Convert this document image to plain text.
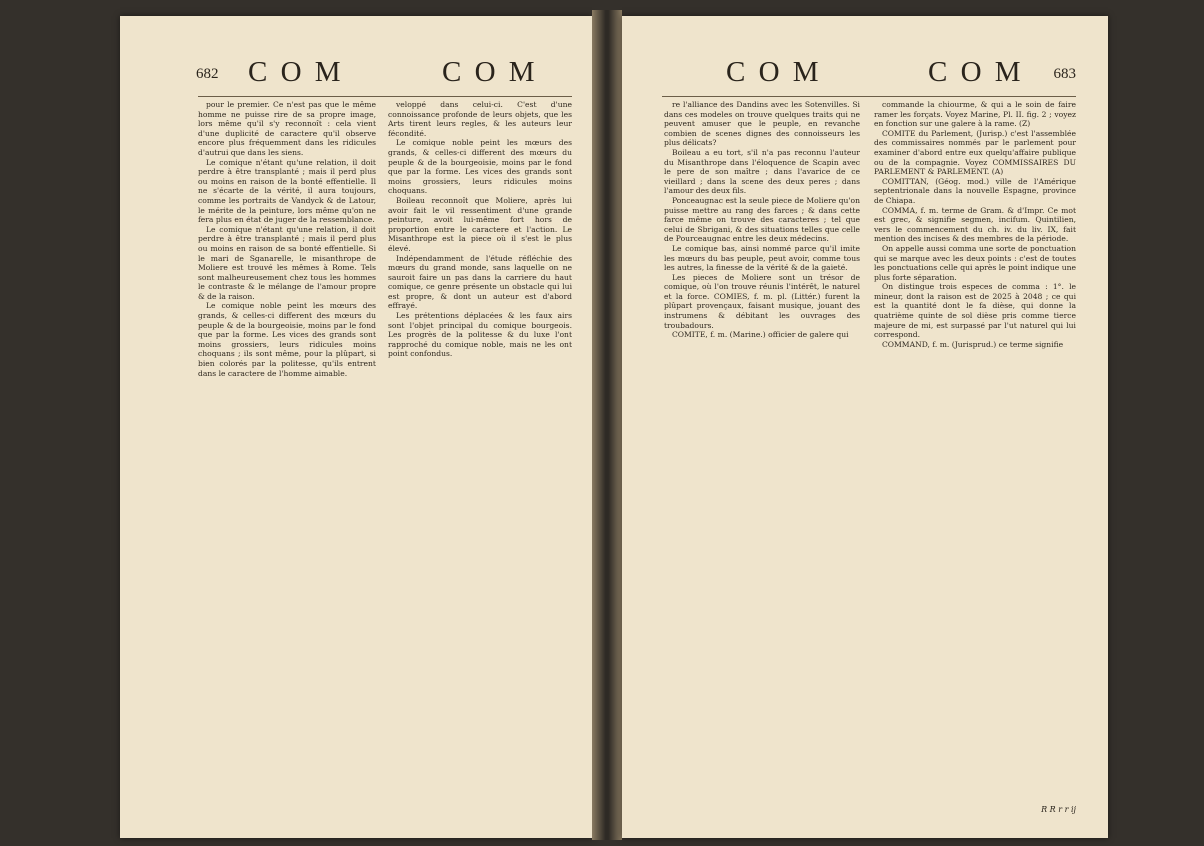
682 C O M	C O M

pour le premier. Ce n'est pas que le même homme ne puisse rire de sa propre image, lors même qu'il s'y reconnoît : cela vient d'une duplicité de caractere qu'il observe encore plus fréquemment dans les ridicules d'autrui que dans les siens.

Le comique n'étant qu'une relation, il doit perdre à être transplanté ; mais il perd plus ou moins en raison de la bonté effentielle. Il ne s'écarte de la vérité, il aura toujours, comme les portraits de Vandyck & de Latour, le mérite de la peinture, lors même qu'on ne fera plus en état de juger de la ressemblance.

Le comique n'étant qu'une relation, il doit perdre à être transplanté ; mais il perd plus ou moins en raison de sa bonté effentielle. Si le mari de Sganarelle, le misanthrope de Moliere est trouvé les mêmes à Rome. Tels sont malheureusement chez tous les hommes le contraste & le mélange de l'amour propre & de la raison.

Le comique noble peint les mœurs des grands, & celles-ci different des mœurs du peuple & de la bourgeoisie, moins par le fond que par la forme. Les vices des grands sont moins grossiers, leurs ridicules moins choquans ; ils sont même, pour la plûpart, si bien colorés par la politesse, qu'ils entrent dans le caractere de l'homme aimable.

veloppé dans celui-ci. C'est d'une connoissance profonde de leurs objets, que les Arts tirent leurs regles, & les auteurs leur fécondité.

Le comique noble peint les mœurs des grands, & celles-ci different des mœurs du peuple & de la bourgeoisie, moins par le fond que par la forme. Les vices des grands sont moins grossiers, leurs ridicules moins choquans.

Boileau reconnoît que Moliere, après lui avoir fait le vil ressentiment d'une grande peinture, avoit lui-même fort hors de proportion entre le caractere et l'action. Le Misanthrope est la piece où il s'est le plus élevé.

Indépendamment de l'étude réfléchie des mœurs du grand monde, sans laquelle on ne sauroit faire un pas dans la carriere du haut comique, ce genre présente un obstacle qui lui est propre, & dont un auteur est d'abord effrayé.

Les prétentions déplacées & les faux airs sont l'objet principal du comique bourgeois. Les progrès de la politesse & du luxe l'ont rapproché du comique noble, mais ne les ont point confondus.

C O M	C O M 683

re l'alliance des Dandins avec les Sotenvilles. Si dans ces modeles on trouve quelques traits qui ne peuvent amuser que le peuple, en revanche combien de scenes dignes des connoisseurs les plus délicats?

Boileau a eu tort, s'il n'a pas reconnu l'auteur du Misanthrope dans l'éloquence de Scapin avec le pere de son maître ; dans l'avarice de ce vieillard ; dans la scene des deux peres ; dans l'amour des deux fils.

Ponceaugnac est la seule piece de Moliere qu'on puisse mettre au rang des farces ; & dans cette farce même on trouve des caracteres ; tel que celui de Sbrigani, & des situations telles que celle de Pourceaugnac entre les deux médecins.

Le comique bas, ainsi nommé parce qu'il imite les mœurs du bas peuple, peut avoir, comme tous les autres, la finesse de la vérité & de la gaieté.

Les pieces de Moliere sont un trésor de comique, où l'on trouve réunis l'intérêt, le naturel et la force. COMIES, f. m. pl. (Littér.) furent la plûpart provençaux, faisant musique, jouant des instrumens & débitant les ouvrages des troubadours.

COMITE, f. m. (Marine.) officier de galere qui

commande la chiourme, & qui a le soin de faire ramer les forçats. Voyez Marine, Pl. II. fig. 2 ; voyez en fonction sur une galere à la rame. (Z)

COMITE du Parlement, (Jurisp.) c'est l'assemblée des commissaires nommés par le parlement pour examiner d'abord entre eux quelqu'affaire publique ou de la compagnie. Voyez COMMISSAIRES DU PARLEMENT & PARLEMENT. (A)

COMITTAN, (Géog. mod.) ville de l'Amérique septentrionale dans la nouvelle Espagne, province de Chiapa.

COMMA, f. m. terme de Gram. & d'Impr. Ce mot est grec, & signifie segmen, incifum. Quintilien, vers le commencement du ch. iv. du liv. IX, fait mention des incises & des membres de la période.

On appelle aussi comma une sorte de ponctuation qui se marque avec les deux points : c'est de toutes les ponctuations celle qui après le point indique une plus forte séparation.

On distingue trois especes de comma : 1°. le mineur, dont la raison est de 2025 à 2048 ; ce qui est la quantité dont le fa dièse, qui donne la quatrième quinte de sol dièse pris comme tierce majeure de mi, est surpassé par l'ut naturel qui lui correspond.

COMMAND, f. m. (Jurisprud.) ce terme signifie

R R r r ij
